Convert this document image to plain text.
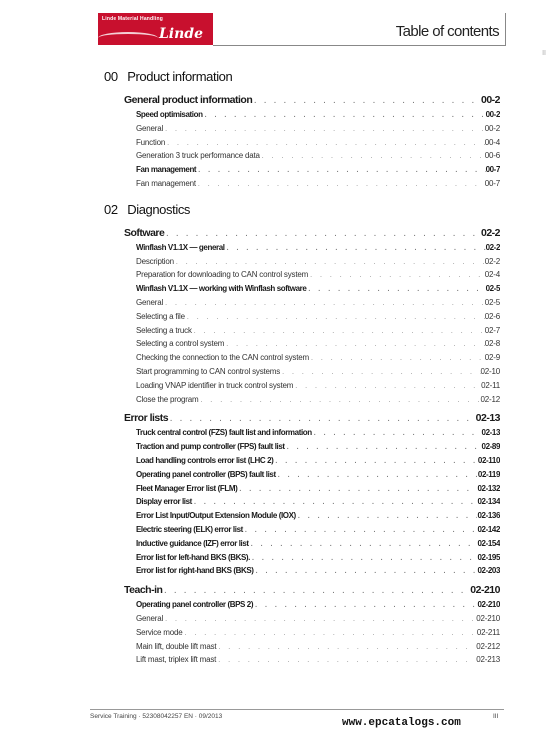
Linde Material Handling
Linde	Table of contents
II
00 Product information
General product information . . .	00-2
Speed optimisation . . .	00-2
General . . .	00-2
Function . . .	00-4
Generation 3 truck performance data . . .	00-6
Fan management . . .	00-7
Fan management . . .	00-7
02 Diagnostics
Software . . .	02-2
Winflash V1.1X — general . . .	02-2
Description . . .	02-2
Preparation for downloading to CAN control system . . .	02-4
Winflash V1.1X — working with Winflash software . . .	02-5
General . . .	02-5
Selecting a file . . .	02-6
Selecting a truck . . .	02-7
Selecting a control system . . .	02-8
Checking the connection to the CAN control system . . .	02-9
Start programming to CAN control systems . . .	02-10
Loading VNAP identifier in truck control system . . .	02-11
Close the program . . .	02-12
Error lists . . .	02-13
Truck central control (FZS) fault list and information . . .	02-13
Traction and pump controller (FPS) fault list . . .	02-89
Load handling controls error list (LHC 2) . . .	02-110
Operating panel controller (BPS) fault list . . .	02-119
Fleet Manager Error list (FLM) . . .	02-132
Display error list . . .	02-134
Error List Input/Output Extension Module (IOX) . . .	02-136
Electric steering (ELK) error list . . .	02-142
Inductive guidance (IZF) error list . . .	02-154
Error list for left-hand BKS (BKS). . . .	02-195
Error list for right-hand BKS (BKS) . . .	02-203
Teach-in . . .	02-210
Operating panel controller (BPS 2) . . .	02-210
General . . .	02-210
Service mode . . .	02-211
Main lift, double lift mast . . .	02-212
Lift mast, triplex lift mast . . .	02-213
Service Training · 52308042257 EN · 09/2013	III
www.epcatalogs.com
